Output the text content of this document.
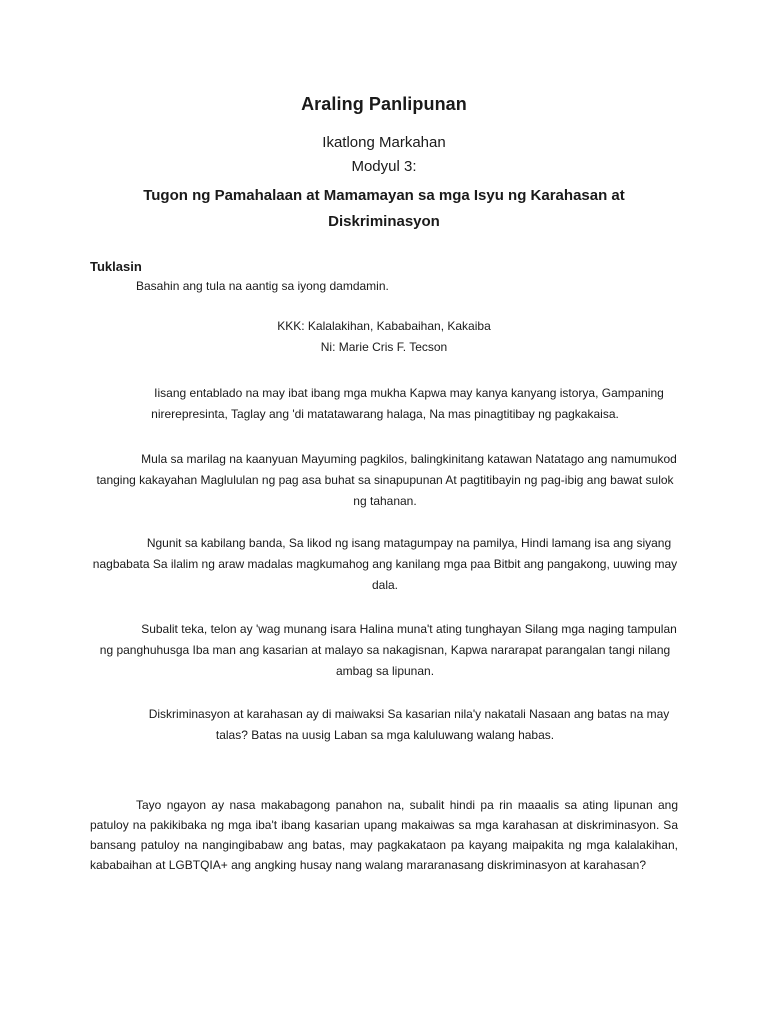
Araling Panlipunan
Ikatlong Markahan
Modyul 3:
Tugon ng Pamahalaan at Mamamayan sa mga Isyu ng Karahasan at Diskriminasyon
Tuklasin
Basahin ang tula na aantig sa iyong damdamin.
KKK: Kalalakihan, Kababaihan, Kakaiba
Ni: Marie Cris F. Tecson

Iisang entablado na may ibat ibang mga mukha Kapwa may kanya kanyang istorya, Gampaning nirerepresinta, Taglay ang 'di matatawarang halaga, Na mas pinagtitibay ng pagkakaisa.

Mula sa marilag na kaanyuan Mayuming pagkilos, balingkinitang katawan Natatago ang namumukod tanging kakayahan Maglululan ng pag asa buhat sa sinapupunan At pagtitibayin ng pag-ibig ang bawat sulok ng tahanan.

Ngunit sa kabilang banda, Sa likod ng isang matagumpay na pamilya, Hindi lamang isa ang siyang nagbabata Sa ilalim ng araw madalas magkumahog ang kanilang mga paa Bitbit ang pangakong, uuwing may dala.

Subalit teka, telon ay 'wag munang isara Halina muna't ating tunghayan Silang mga naging tampulan ng panghuhusga Iba man ang kasarian at malayo sa nakagisnan, Kapwa nararapat parangalan tangi nilang ambag sa lipunan.

Diskriminasyon at karahasan ay di maiwaksi Sa kasarian nila'y nakatali Nasaan ang batas na may talas? Batas na uusig Laban sa mga kaluluwang walang habas.

Tayo ngayon ay nasa makabagong panahon na, subalit hindi pa rin maaalis sa ating lipunan ang patuloy na pakikibaka ng mga iba't ibang kasarian upang makaiwas sa mga karahasan at diskriminasyon. Sa bansang patuloy na nangingibabaw ang batas, may pagkakataon pa kayang maipakita ng mga kalalakihan, kababaihan at LGBTQIA+ ang angking husay nang walang mararanasang diskriminasyon at karahasan?
